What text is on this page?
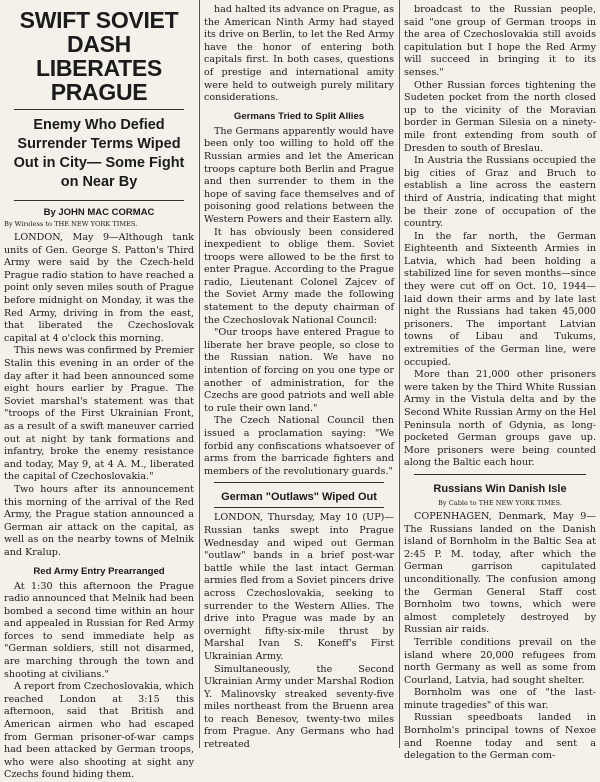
SWIFT SOVIET DASH LIBERATES PRAGUE
Enemy Who Defied Surrender Terms Wiped Out in City— Some Fight on Near By
By JOHN MAC CORMAC
By Wireless to THE NEW YORK TIMES.

LONDON, May 9—Although tank units of Gen. George S. Patton's Third Army were said by the Czech-held Prague radio station to have reached a point only seven miles south of Prague before midnight on Monday, it was the Red Army, driving in from the east, that liberated the Czechoslovak capital at 4 o'clock this morning.

This news was confirmed by Premier Stalin this evening in an order of the day after it had been announced some eight hours earlier by Prague. The Soviet marshal's statement was that "troops of the First Ukrainian Front, as a result of a swift maneuver carried out at night by tank formations and infantry, broke the enemy resistance and today, May 9, at 4 A. M., liberated the capital of Czechoslovakia."

Two hours after its announcement this morning of the arrival of the Red Army, the Prague station announced a German air attack on the capital, as well as on the nearby towns of Melnik and Kralup.

Red Army Entry Prearranged

At 1:30 this afternoon the Prague radio announced that Melnik had been bombed a second time within an hour and appealed in Russian for Red Army forces to send immediate help as "German soldiers, still not disarmed, are marching through the town and shooting at civilians."

A report from Czechoslovakia, which reached London at 3:15 this afternoon, said that British and American airmen who had escaped from German prisoner-of-war camps had been attacked by German troops, who were also shooting at sight any Czechs found hiding them.

had halted its advance on Prague, as the American Ninth Army had stayed its drive on Berlin, to let the Red Army have the honor of entering both capitals first. In both cases, questions of prestige and international amity were held to outweigh purely military considerations.

Germans Tried to Split Allies

The Germans apparently would have been only too willing to hold off the Russian armies and let the American troops capture both Berlin and Prague and then surrender to them in the hope of saving face themselves and of poisoning good relations between the Western Powers and their Eastern ally.

It has obviously been considered inexpedient to oblige them. Soviet troops were allowed to be the first to enter Prague. According to the Prague radio, Lieutenant Colonel Zajcev of the Soviet Army made the following statement to the deputy chairman of the Czechoslovak National Council:

"Our troops have entered Prague to liberate her brave people, so close to the Russian nation. We have no intention of forcing on you one type or another of administration, for the Czechs are good patriots and well able to rule their own land."

The Czech National Council then issued a proclamation saying: "We forbid any confiscations whatsoever of arms from the barricade fighters and members of the revolutionary guards."

German "Outlaws" Wiped Out

LONDON, Thursday, May 10 (UP)—Russian tanks swept into Prague Wednesday and wiped out German "outlaw" bands in a brief post-war battle while the last intact German armies fled from a Soviet pincers drive across Czechoslovakia, seeking to surrender to the Western Allies. The drive into Prague was made by an overnight fifty-six-mile thrust by Marshal Ivan S. Koneff's First Ukrainian Army.

Simultaneously, the Second Ukrainian Army under Marshal Rodion Y. Malinovsky streaked seventy-five miles northeast from the Bruenn area to reach Benesov, twenty-two miles from Prague. Any Germans who had retreated

broadcast to the Russian people, said "one group of German troops in the area of Czechoslovakia still avoids capitulation but I hope the Red Army will succeed in bringing it to its senses."

Other Russian forces tightening the Sudeten pocket from the north closed up to the vicinity of the Moravian border in German Silesia on a ninety-mile front extending from south of Dresden to south of Breslau.

In Austria the Russians occupied the big cities of Graz and Bruch to establish a line across the eastern third of Austria, indicating that might be their zone of occupation of the country.

In the far north, the German Eighteenth and Sixteenth Armies in Latvia, which had been holding a stabilized line for seven months—since they were cut off on Oct. 10, 1944—laid down their arms and by late last night the Russians had taken 45,000 prisoners. The important Latvian towns of Libau and Tukums, extremities of the German line, were occupied.

More than 21,000 other prisoners were taken by the Third White Russian Army in the Vistula delta and by the Second White Russian Army on the Hel Peninsula north of Gdynia, as long-pocketed German groups gave up. More prisoners were being counted along the Baltic each hour.

Russians Win Danish Isle
By Cable to THE NEW YORK TIMES.

COPENHAGEN, Denmark, May 9—The Russians landed on the Danish island of Bornholm in the Baltic Sea at 2:45 P. M. today, after which the German garrison capitulated unconditionally. The confusion among the German General Staff cost Bornholm two towns, which were almost completely destroyed by Russian air raids.

Terrible conditions prevail on the island where 20,000 refugees from north Germany as well as some from Courland, Latvia, had sought shelter.

Bornholm was one of "the last-minute tragedies" of this war.

Russian speedboats landed in Bornholm's principal towns of Nexoe and Roenne today and sent a delegation to the German com-
